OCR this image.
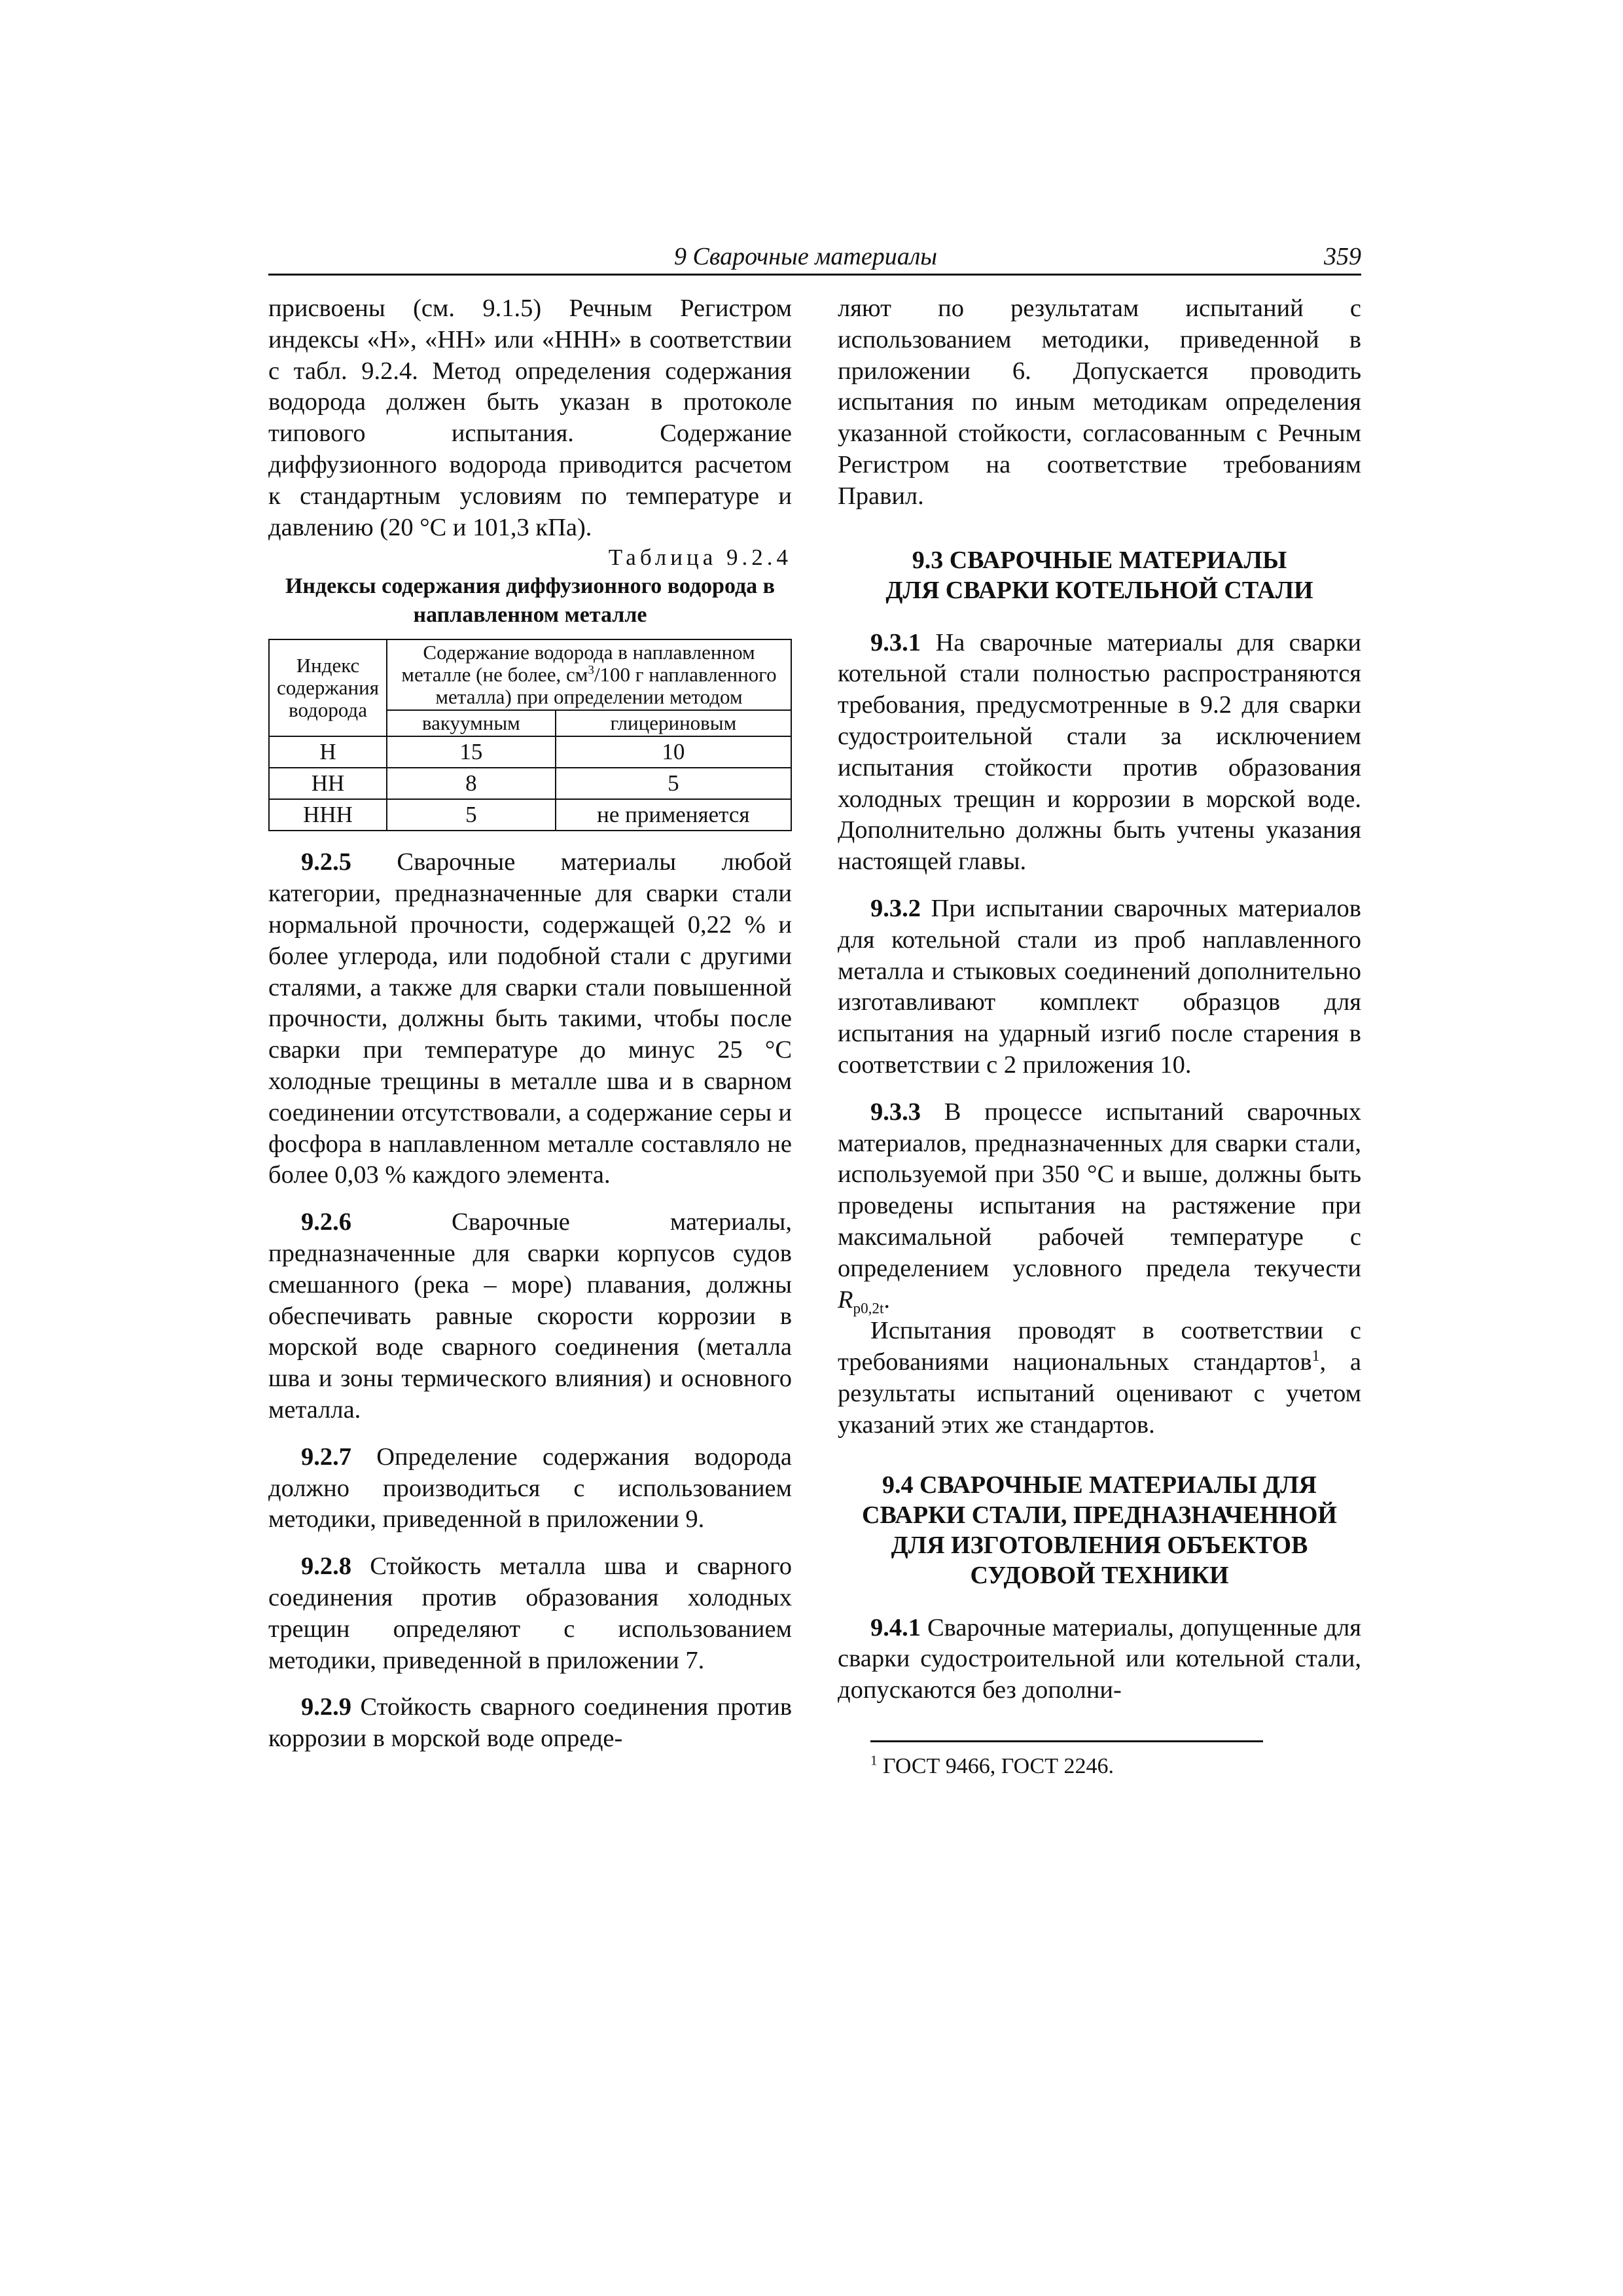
9 Сварочные материалы	359

присвоены (см. 9.1.5) Речным Регистром индексы «Н», «НН» или «ННН» в соответствии с табл. 9.2.4. Метод определения содержания водорода должен быть указан в протоколе типового испытания. Содержание диффузионного водорода приводится расчетом к стандартным условиям по температуре и давлению (20 °С и 101,3 кПа).

Таблица 9.2.4
Индексы содержания диффузионного водорода в наплавленном металле
Индекс содержания водорода	Содержание водорода в наплавленном металле (не более, $см^3/100$ г наплавленного металла) при определении методом	
	вакуумным	глицериновым
Н	15	10
НН	8	5
ННН	5	не применяется

9.2.5 Сварочные материалы любой категории, предназначенные для сварки стали нормальной прочности, содержащей 0,22 % и более углерода, или подобной стали с другими сталями, а также для сварки стали повышенной прочности, должны быть такими, чтобы после сварки при температуре до минус 25 °С холодные трещины в металле шва и в сварном соединении отсутствовали, а содержание серы и фосфора в наплавленном металле составляло не более 0,03 % каждого элемента.

9.2.6 Сварочные материалы, предназначенные для сварки корпусов судов смешанного (река – море) плавания, должны обеспечивать равные скорости коррозии в морской воде сварного соединения (металла шва и зоны термического влияния) и основного металла.

9.2.7 Определение содержания водорода должно производиться с использованием методики, приведенной в приложении 9.

9.2.8 Стойкость металла шва и сварного соединения против образования холодных трещин определяют с использованием методики, приведенной в приложении 7.

9.2.9 Стойкость сварного соединения против коррозии в морской воде опреде-

ляют по результатам испытаний с использованием методики, приведенной в приложении 6. Допускается проводить испытания по иным методикам определения указанной стойкости, согласованным с Речным Регистром на соответствие требованиям Правил.

9.3 СВАРОЧНЫЕ МАТЕРИАЛЫ
ДЛЯ СВАРКИ КОТЕЛЬНОЙ СТАЛИ

9.3.1 На сварочные материалы для сварки котельной стали полностью распространяются требования, предусмотренные в 9.2 для сварки судостроительной стали за исключением испытания стойкости против образования холодных трещин и коррозии в морской воде. Дополнительно должны быть учтены указания настоящей главы.

9.3.2 При испытании сварочных материалов для котельной стали из проб наплавленного металла и стыковых соединений дополнительно изготавливают комплект образцов для испытания на ударный изгиб после старения в соответствии с 2 приложения 10.

9.3.3 В процессе испытаний сварочных материалов, предназначенных для сварки стали, используемой при 350 °С и выше, должны быть проведены испытания на растяжение при максимальной рабочей температуре с определением условного предела текучести $R_{p0,2t}$.

Испытания проводят в соответствии с требованиями национальных стандартов$^1$, а результаты испытаний оценивают с учетом указаний этих же стандартов.

9.4 СВАРОЧНЫЕ МАТЕРИАЛЫ ДЛЯ
СВАРКИ СТАЛИ, ПРЕДНАЗНАЧЕННОЙ
ДЛЯ ИЗГОТОВЛЕНИЯ ОБЪЕКТОВ
СУДОВОЙ ТЕХНИКИ

9.4.1 Сварочные материалы, допущенные для сварки судостроительной или котельной стали, допускаются без дополни-

$^1$ ГОСТ 9466, ГОСТ 2246.
